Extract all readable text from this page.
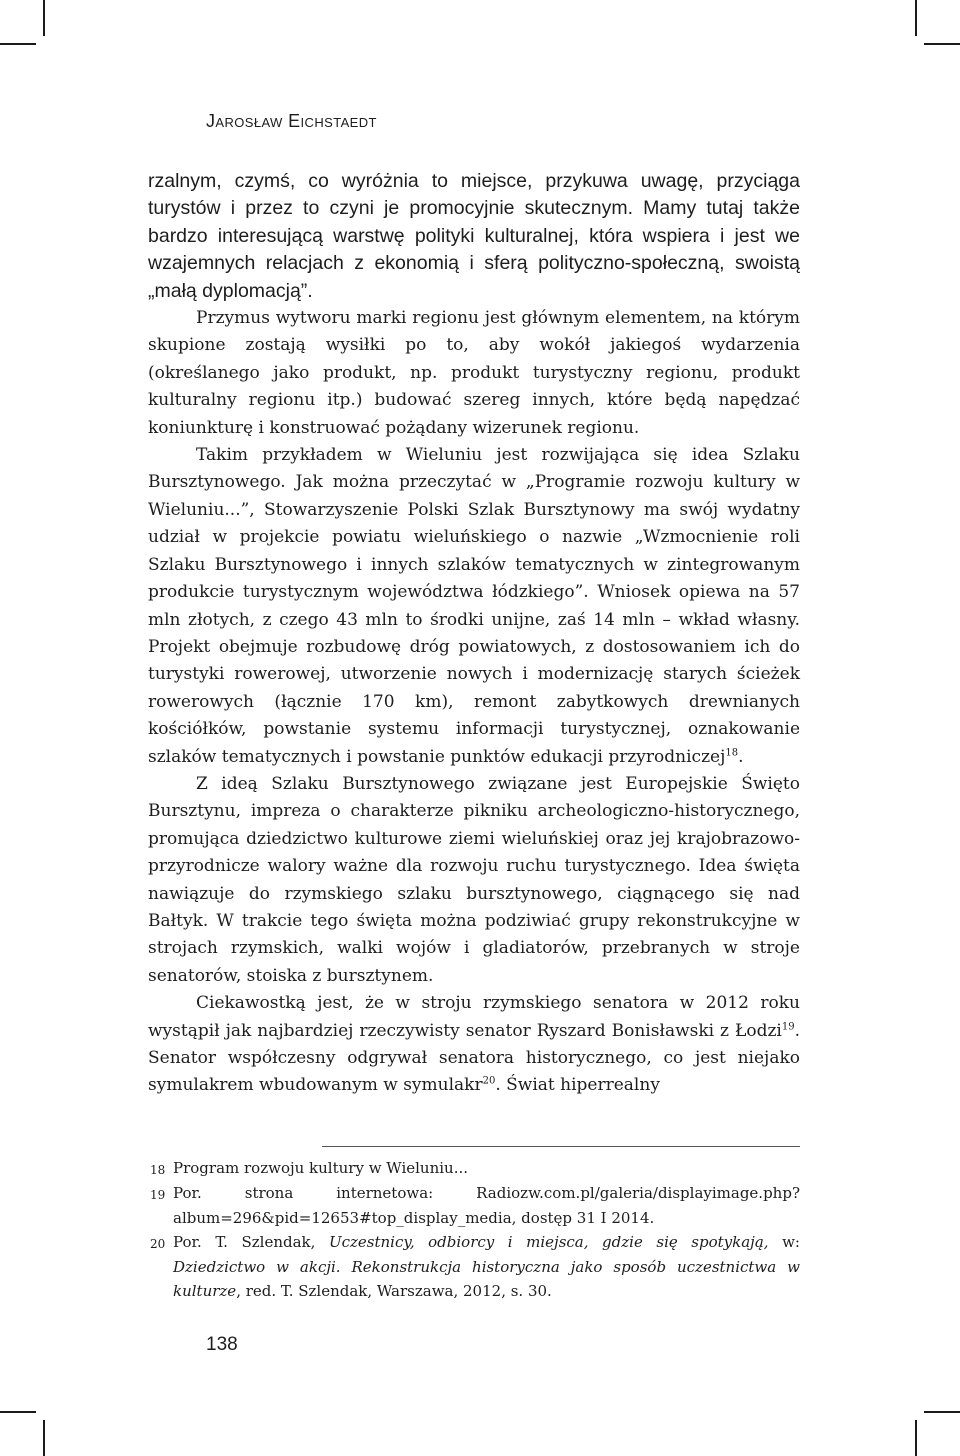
Jarosław Eichstaedt

rzalnym, czymś, co wyróżnia to miejsce, przykuwa uwagę, przyciąga turystów i przez to czyni je promocyjnie skutecznym. Mamy tutaj także bardzo interesującą warstwę polityki kulturalnej, która wspiera i jest we wzajemnych relacjach z ekonomią i sferą polityczno-społeczną, swoistą „małą dyplomacją”.

Przymus wytworu marki regionu jest głównym elementem, na którym skupione zostają wysiłki po to, aby wokół jakiegoś wydarzenia (określanego jako produkt, np. produkt turystyczny regionu, produkt kulturalny regionu itp.) budować szereg innych, które będą napędzać koniunkturę i konstruować pożądany wizerunek regionu.

Takim przykładem w Wieluniu jest rozwijająca się idea Szlaku Bursztynowego. Jak można przeczytać w „Programie rozwoju kultury w Wieluniu...”, Stowarzyszenie Polski Szlak Bursztynowy ma swój wydatny udział w projekcie powiatu wieluńskiego o nazwie „Wzmocnienie roli Szlaku Bursztynowego i innych szlaków tematycznych w zintegrowanym produkcie turystycznym województwa łódzkiego”. Wniosek opiewa na 57 mln złotych, z czego 43 mln to środki unijne, zaś 14 mln – wkład własny. Projekt obejmuje rozbudowę dróg powiatowych, z dostosowaniem ich do turystyki rowerowej, utworzenie nowych i modernizację starych ścieżek rowerowych (łącznie 170 km), remont zabytkowych drewnianych kościółków, powstanie systemu informacji turystycznej, oznakowanie szlaków tematycznych i powstanie punktów edukacji przyrodniczej$^{18}$.

Z ideą Szlaku Bursztynowego związane jest Europejskie Święto Bursztynu, impreza o charakterze pikniku archeologiczno-historycznego, promująca dziedzictwo kulturowe ziemi wieluńskiej oraz jej krajobrazowo-przyrodnicze walory ważne dla rozwoju ruchu turystycznego. Idea święta nawiązuje do rzymskiego szlaku bursztynowego, ciągnącego się nad Bałtyk. W trakcie tego święta można podziwiać grupy rekonstrukcyjne w strojach rzymskich, walki wojów i gladiatorów, przebranych w stroje senatorów, stoiska z bursztynem.

Ciekawostką jest, że w stroju rzymskiego senatora w 2012 roku wystąpił jak najbardziej rzeczywisty senator Ryszard Bonisławski z Łodzi$^{19}$. Senator współczesny odgrywał senatora historycznego, co jest niejako symulakrem wbudowanym w symulakr$^{20}$. Świat hiperrealny

18 Program rozwoju kultury w Wieluniu...
19 Por. strona internetowa: Radiozw.com.pl/galeria/displayimage.php?album=296&pid=12653#top_display_media, dostęp 31 I 2014.
20 Por. T. Szlendak, Uczestnicy, odbiorcy i miejsca, gdzie się spotykają, w: Dziedzictwo w akcji. Rekonstrukcja historyczna jako sposób uczestnictwa w kulturze, red. T. Szlendak, Warszawa, 2012, s. 30.
138
